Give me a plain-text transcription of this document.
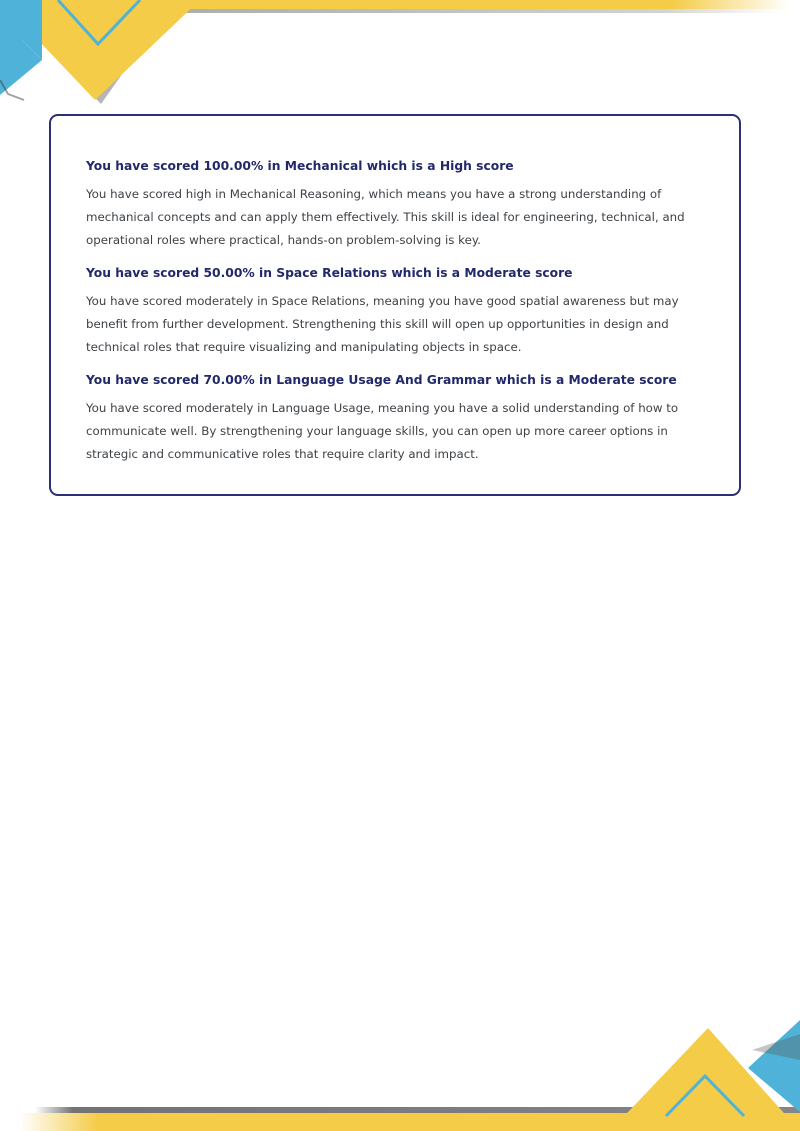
You have scored 100.00% in Mechanical which is a High score

You have scored high in Mechanical Reasoning, which means you have a strong understanding of mechanical concepts and can apply them effectively. This skill is ideal for engineering, technical, and operational roles where practical, hands-on problem-solving is key.

You have scored 50.00% in Space Relations which is a Moderate score

You have scored moderately in Space Relations, meaning you have good spatial awareness but may benefit from further development. Strengthening this skill will open up opportunities in design and technical roles that require visualizing and manipulating objects in space.

You have scored 70.00% in Language Usage And Grammar which is a Moderate score

You have scored moderately in Language Usage, meaning you have a solid understanding of how to communicate well. By strengthening your language skills, you can open up more career options in strategic and communicative roles that require clarity and impact.
